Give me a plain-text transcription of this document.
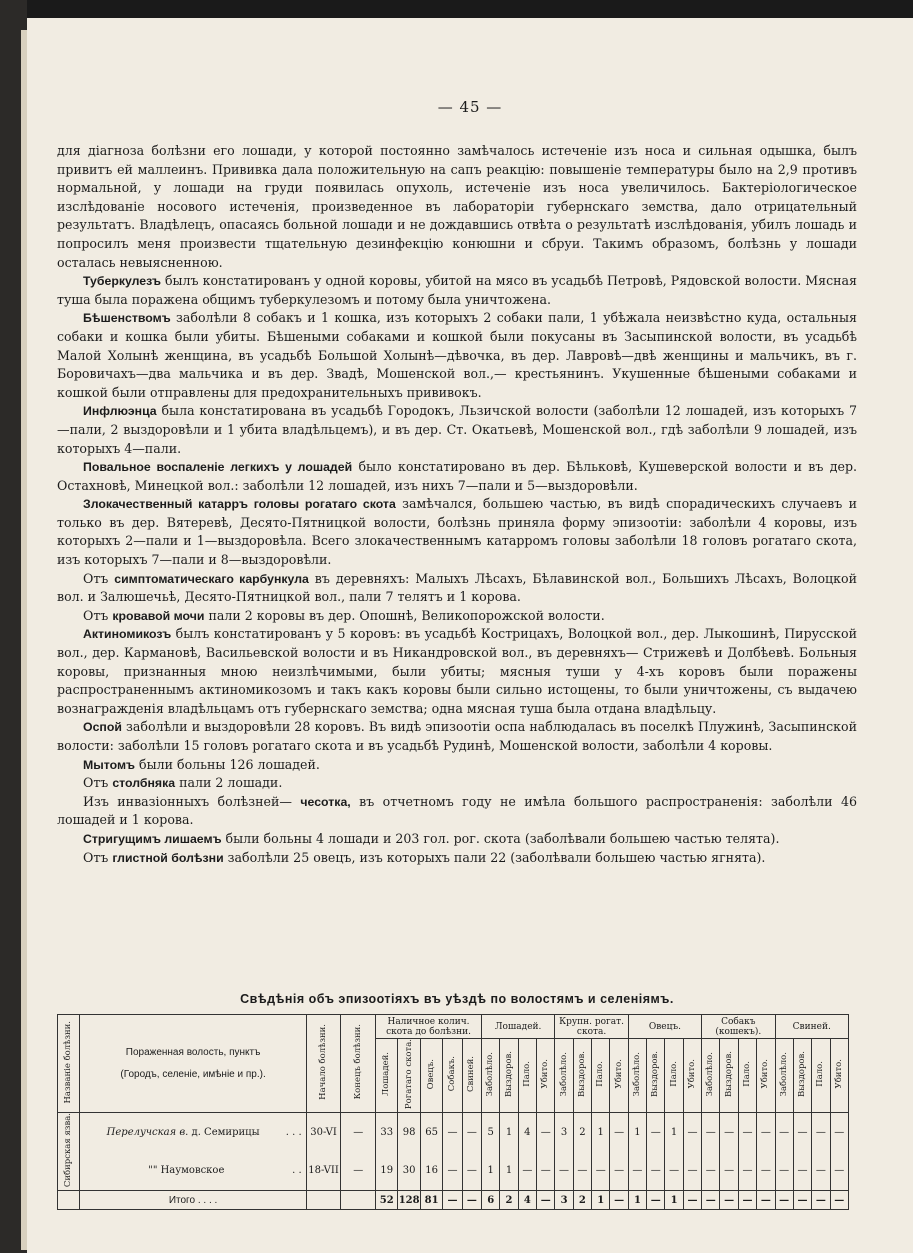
— 45 —

для діагноза болѣзни его лошади, у которой постоянно замѣчалось истеченіе изъ носа и сильная одышка, былъ привитъ ей маллеинъ. Прививка дала положительную на сапъ реакцію: повышеніе температуры было на 2,9 противъ нормальной, у лошади на груди появилась опухоль, истеченіе изъ носа увеличилось. Бактеріологическое изслѣдованіе носового истеченія, произведенное въ лабораторіи губернскаго земства, дало отрицательный результатъ. Владѣлецъ, опасаясь больной лошади и не дождавшись отвѣта о результатѣ изслѣдованія, убилъ лошадь и попросилъ меня произвести тщательную дезинфекцію конюшни и сбруи. Такимъ образомъ, болѣзнь у лошади осталась невыясненною.

Туберкулезъ былъ констатированъ у одной коровы, убитой на мясо въ усадьбѣ Петровѣ, Рядовской волости. Мясная туша была поражена общимъ туберкулезомъ и потому была уничтожена.

Бѣшенствомъ заболѣли 8 собакъ и 1 кошка, изъ которыхъ 2 собаки пали, 1 убѣжала неизвѣстно куда, остальныя собаки и кошка были убиты. Бѣшеными собаками и кошкой были покусаны въ Засыпинской волости, въ усадьбѣ Малой Холынѣ женщина, въ усадьбѣ Большой Холынѣ—дѣвочка, въ дер. Лавровѣ—двѣ женщины и мальчикъ, въ г. Боровичахъ—два мальчика и въ дер. Звадѣ, Мошенской вол.,— крестьянинъ. Укушенные бѣшеными собаками и кошкой были отправлены для предохранительныхъ прививокъ.

Инфлюэнца была констатирована въ усадьбѣ Городокъ, Льзичской волости (заболѣли 12 лошадей, изъ которыхъ 7—пали, 2 выздоровѣли и 1 убита владѣльцемъ), и въ дер. Ст. Окатьевѣ, Мошенской вол., гдѣ заболѣли 9 лошадей, изъ которыхъ 4—пали.

Повальное воспаленіе легкихъ у лошадей было констатировано въ дер. Бѣльковѣ, Кушеверской волости и въ дер. Остахновѣ, Минецкой вол.: заболѣли 12 лошадей, изъ нихъ 7—пали и 5—выздоровѣли.

Злокачественный катарръ головы рогатаго скота замѣчался, большею частью, въ видѣ спорадическихъ случаевъ и только въ дер. Вятеревѣ, Десято-Пятницкой волости, болѣзнь приняла форму эпизоотіи: заболѣли 4 коровы, изъ которыхъ 2—пали и 1—выздоровѣла. Всего злокачественнымъ катарромъ головы заболѣли 18 головъ рогатаго скота, изъ которыхъ 7—пали и 8—выздоровѣли.

Отъ симптоматическаго карбункула въ деревняхъ: Малыхъ Лѣсахъ, Бѣлавинской вол., Большихъ Лѣсахъ, Волоцкой вол. и Залюшечьѣ, Десято-Пятницкой вол., пали 7 телятъ и 1 корова.

Отъ кровавой мочи пали 2 коровы въ дер. Опошнѣ, Великопорожской волости.

Актиномикозъ былъ констатированъ у 5 коровъ: въ усадьбѣ Кострицахъ, Волоцкой вол., дер. Лыкошинѣ, Пирусской вол., дер. Кармановѣ, Васильевской волости и въ Никандровской вол., въ деревняхъ— Стрижевѣ и Долбѣевѣ. Больныя коровы, признанныя мною неизлѣчимыми, были убиты; мясныя туши у 4-хъ коровъ были поражены распространеннымъ актиномикозомъ и такъ какъ коровы были сильно истощены, то были уничтожены, съ выдачею вознагражденія владѣльцамъ отъ губернскаго земства; одна мясная туша была отдана владѣльцу.

Оспой заболѣли и выздоровѣли 28 коровъ. Въ видѣ эпизоотіи оспа наблюдалась въ поселкѣ Плужинѣ, Засыпинской волости: заболѣли 15 головъ рогатаго скота и въ усадьбѣ Рудинѣ, Мошенской волости, заболѣли 4 коровы.

Мытомъ были больны 126 лошадей.

Отъ столбняка пали 2 лошади.

Изъ инвазіонныхъ болѣзней— чесотка, въ отчетномъ году не имѣла большого распространенія: заболѣли 46 лошадей и 1 корова.

Стригущимъ лишаемъ были больны 4 лошади и 203 гол. рог. скота (заболѣвали большею частью телята).

Отъ глистной болѣзни заболѣли 25 овецъ, изъ которыхъ пали 22 (заболѣвали большею частью ягнята).

Свѣдѣнія объ эпизоотіяхъ въ уѣздѣ по волостямъ и селеніямъ.
Названіе болѣзни.	Пораженная волость, пунктъ
(Городъ, селеніе, имѣніе и пр.).	Начало болѣзни.	Конецъ болѣзни.	Наличное колич. скота до болѣзни.					Лошадей.				Крупн. рогат. скота.				Овецъ.				Собакъ (кошекъ).				Свиней.			
				Лошадей.	Рогатаго скота.	Овецъ.	Собакъ.	Свиней.	Заболѣло.	Выздоров.	Пало.	Убито.	Заболѣло.	Выздоров.	Пало.	Убито.	Заболѣло.	Выздоров.	Пало.	Убито.	Заболѣло.	Выздоров.	Пало.	Убито.	Заболѣло.	Выздоров.	Пало.	Убито.
Сибирская язва.	Перелучская в. д. Семирицы . . .	30-VI	—	33	98	65	—	—	5	1	4	—	3	2	1	—	1	—	1	—	—	—	—	—	—	—	—	—
	"" Наумовское . .	18-VII	—	19	30	16	—	—	1	1	—	—	—	—	—	—	—	—	—	—	—	—	—	—	—	—	—	—
	Итого . . . .			52	128	81	—	—	6	2	4	—	3	2	1	—	1	—	1	—	—	—	—	—	—	—	—	—
